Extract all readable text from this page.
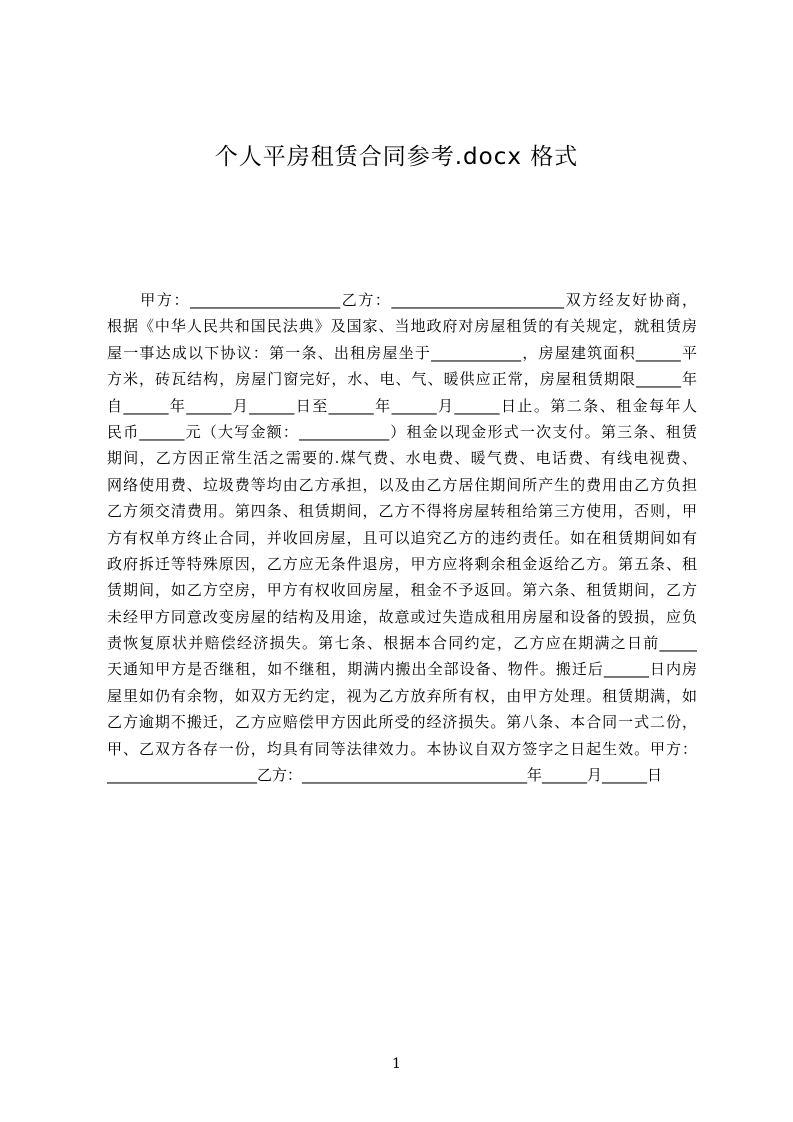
个人平房租赁合同参考.docx 格式
　　甲方：____________________乙方：_______________________双方经友好协商，
根据《中华人民共和国民法典》及国家、当地政府对房屋租赁的有关规定，就租赁房
屋一事达成以下协议：第一条、出租房屋坐于____________，房屋建筑面积______平
方米，砖瓦结构，房屋门窗完好，水、电、气、暖供应正常，房屋租赁期限______年
自______年______月______日至______年______月______日止。第二条、租金每年人
民币______元（大写金额：____________）租金以现金形式一次支付。第三条、租赁
期间，乙方因正常生活之需要的.煤气费、水电费、暖气费、电话费、有线电视费、
网络使用费、垃圾费等均由乙方承担，以及由乙方居住期间所产生的费用由乙方负担
乙方须交清费用。第四条、租赁期间，乙方不得将房屋转租给第三方使用，否则，甲
方有权单方终止合同，并收回房屋，且可以追究乙方的违约责任。如在租赁期间如有
政府拆迁等特殊原因，乙方应无条件退房，甲方应将剩余租金返给乙方。第五条、租
赁期间，如乙方空房，甲方有权收回房屋，租金不予返回。第六条、租赁期间，乙方
未经甲方同意改变房屋的结构及用途，故意或过失造成租用房屋和设备的毁损，应负
责恢复原状并赔偿经济损失。第七条、根据本合同约定，乙方应在期满之日前_____
天通知甲方是否继租，如不继租，期满内搬出全部设备、物件。搬迁后______日内房
屋里如仍有余物，如双方无约定，视为乙方放弃所有权，由甲方处理。租赁期满，如
乙方逾期不搬迁，乙方应赔偿甲方因此所受的经济损失。第八条、本合同一式二份，
甲、乙双方各存一份，均具有同等法律效力。本协议自双方签字之日起生效。甲方：
____________________乙方：______________________________年______月______日
1
